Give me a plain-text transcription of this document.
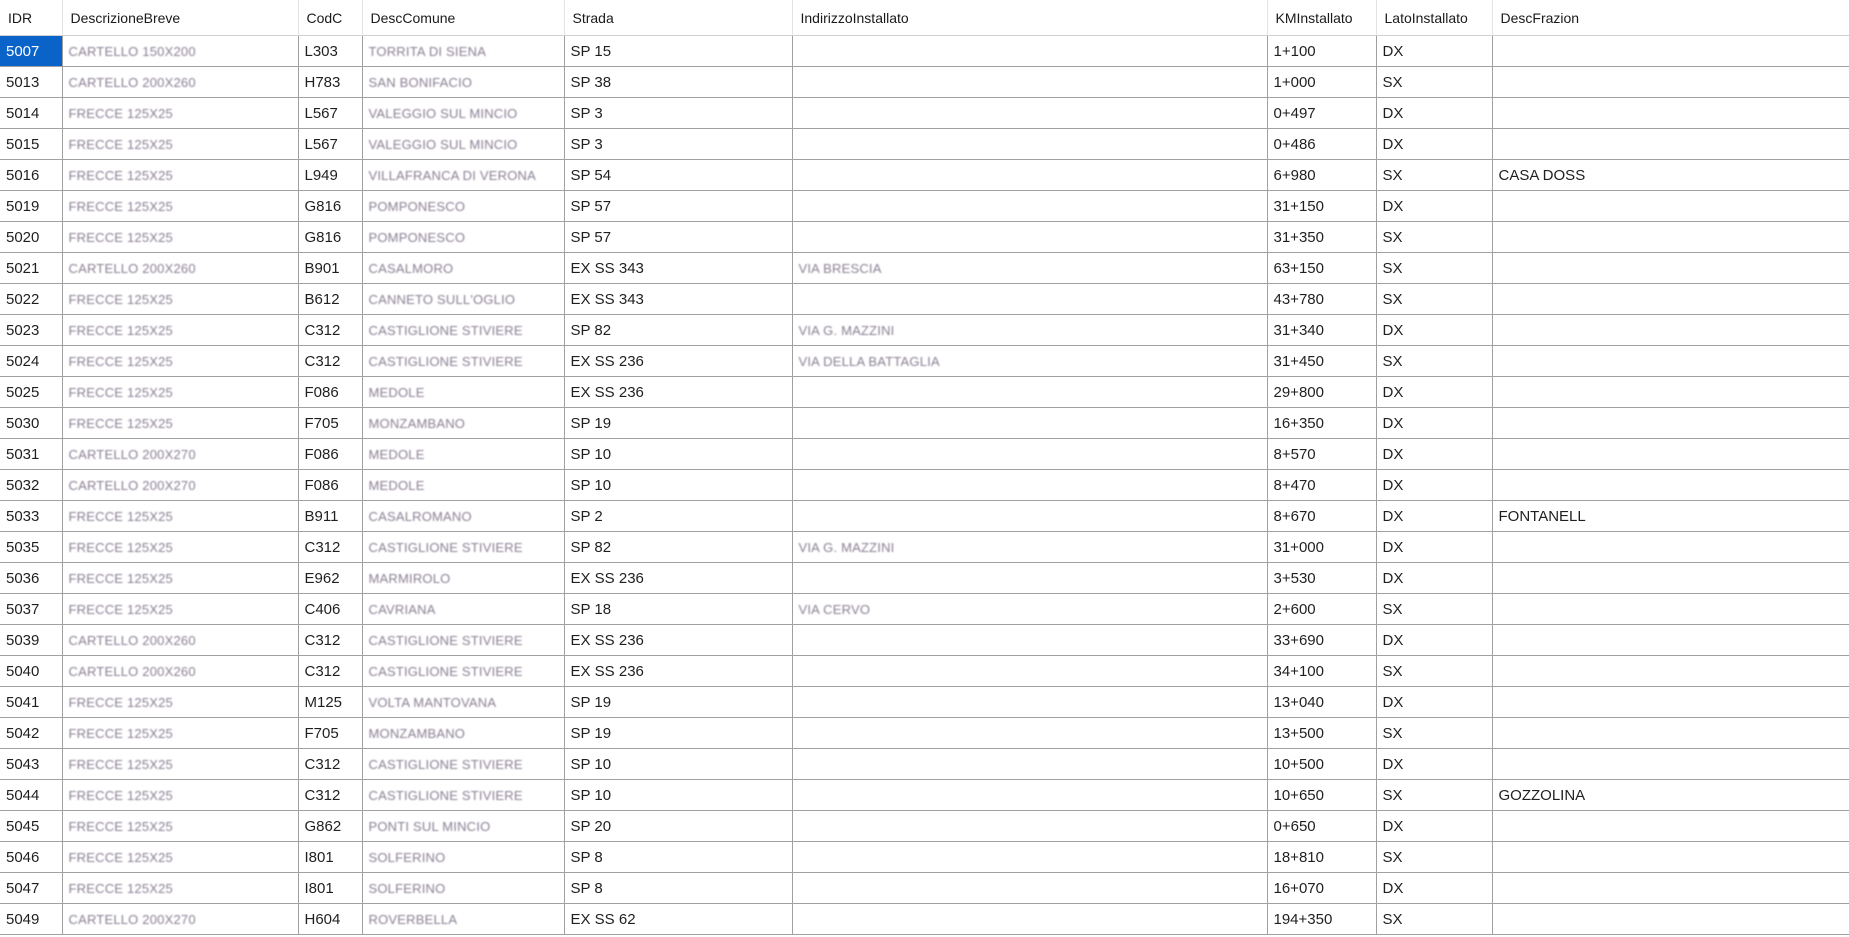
IDR	DescrizioneBreve	CodC	DescComune	Strada	IndirizzoInstallato	KMInstallato	LatoInstallato	DescFrazion
5007	CARTELLO 150X200	L303	TORRITA DI SIENA	SP 15		1+100	DX	
5013	CARTELLO 200X260	H783	SAN BONIFACIO	SP 38		1+000	SX	
5014	FRECCE 125X25	L567	VALEGGIO SUL MINCIO	SP 3		0+497	DX	
5015	FRECCE 125X25	L567	VALEGGIO SUL MINCIO	SP 3		0+486	DX	
5016	FRECCE 125X25	L949	VILLAFRANCA DI VERONA	SP 54		6+980	SX	CASA DOSS
5019	FRECCE 125X25	G816	POMPONESCO	SP 57		31+150	DX	
5020	FRECCE 125X25	G816	POMPONESCO	SP 57		31+350	SX	
5021	CARTELLO 200X260	B901	CASALMORO	EX SS 343	VIA BRESCIA	63+150	SX	
5022	FRECCE 125X25	B612	CANNETO SULL'OGLIO	EX SS 343		43+780	SX	
5023	FRECCE 125X25	C312	CASTIGLIONE STIVIERE	SP 82	VIA G. MAZZINI	31+340	DX	
5024	FRECCE 125X25	C312	CASTIGLIONE STIVIERE	EX SS 236	VIA DELLA BATTAGLIA	31+450	SX	
5025	FRECCE 125X25	F086	MEDOLE	EX SS 236		29+800	DX	
5030	FRECCE 125X25	F705	MONZAMBANO	SP 19		16+350	DX	
5031	CARTELLO 200X270	F086	MEDOLE	SP 10		8+570	DX	
5032	CARTELLO 200X270	F086	MEDOLE	SP 10		8+470	DX	
5033	FRECCE 125X25	B911	CASALROMANO	SP 2		8+670	DX	FONTANELL
5035	FRECCE 125X25	C312	CASTIGLIONE STIVIERE	SP 82	VIA G. MAZZINI	31+000	DX	
5036	FRECCE 125X25	E962	MARMIROLO	EX SS 236		3+530	DX	
5037	FRECCE 125X25	C406	CAVRIANA	SP 18	VIA CERVO	2+600	SX	
5039	CARTELLO 200X260	C312	CASTIGLIONE STIVIERE	EX SS 236		33+690	DX	
5040	CARTELLO 200X260	C312	CASTIGLIONE STIVIERE	EX SS 236		34+100	SX	
5041	FRECCE 125X25	M125	VOLTA MANTOVANA	SP 19		13+040	DX	
5042	FRECCE 125X25	F705	MONZAMBANO	SP 19		13+500	SX	
5043	FRECCE 125X25	C312	CASTIGLIONE STIVIERE	SP 10		10+500	DX	
5044	FRECCE 125X25	C312	CASTIGLIONE STIVIERE	SP 10		10+650	SX	GOZZOLINA
5045	FRECCE 125X25	G862	PONTI SUL MINCIO	SP 20		0+650	DX	
5046	FRECCE 125X25	I801	SOLFERINO	SP 8		18+810	SX	
5047	FRECCE 125X25	I801	SOLFERINO	SP 8		16+070	DX	
5049	CARTELLO 200X270	H604	ROVERBELLA	EX SS 62		194+350	SX	
